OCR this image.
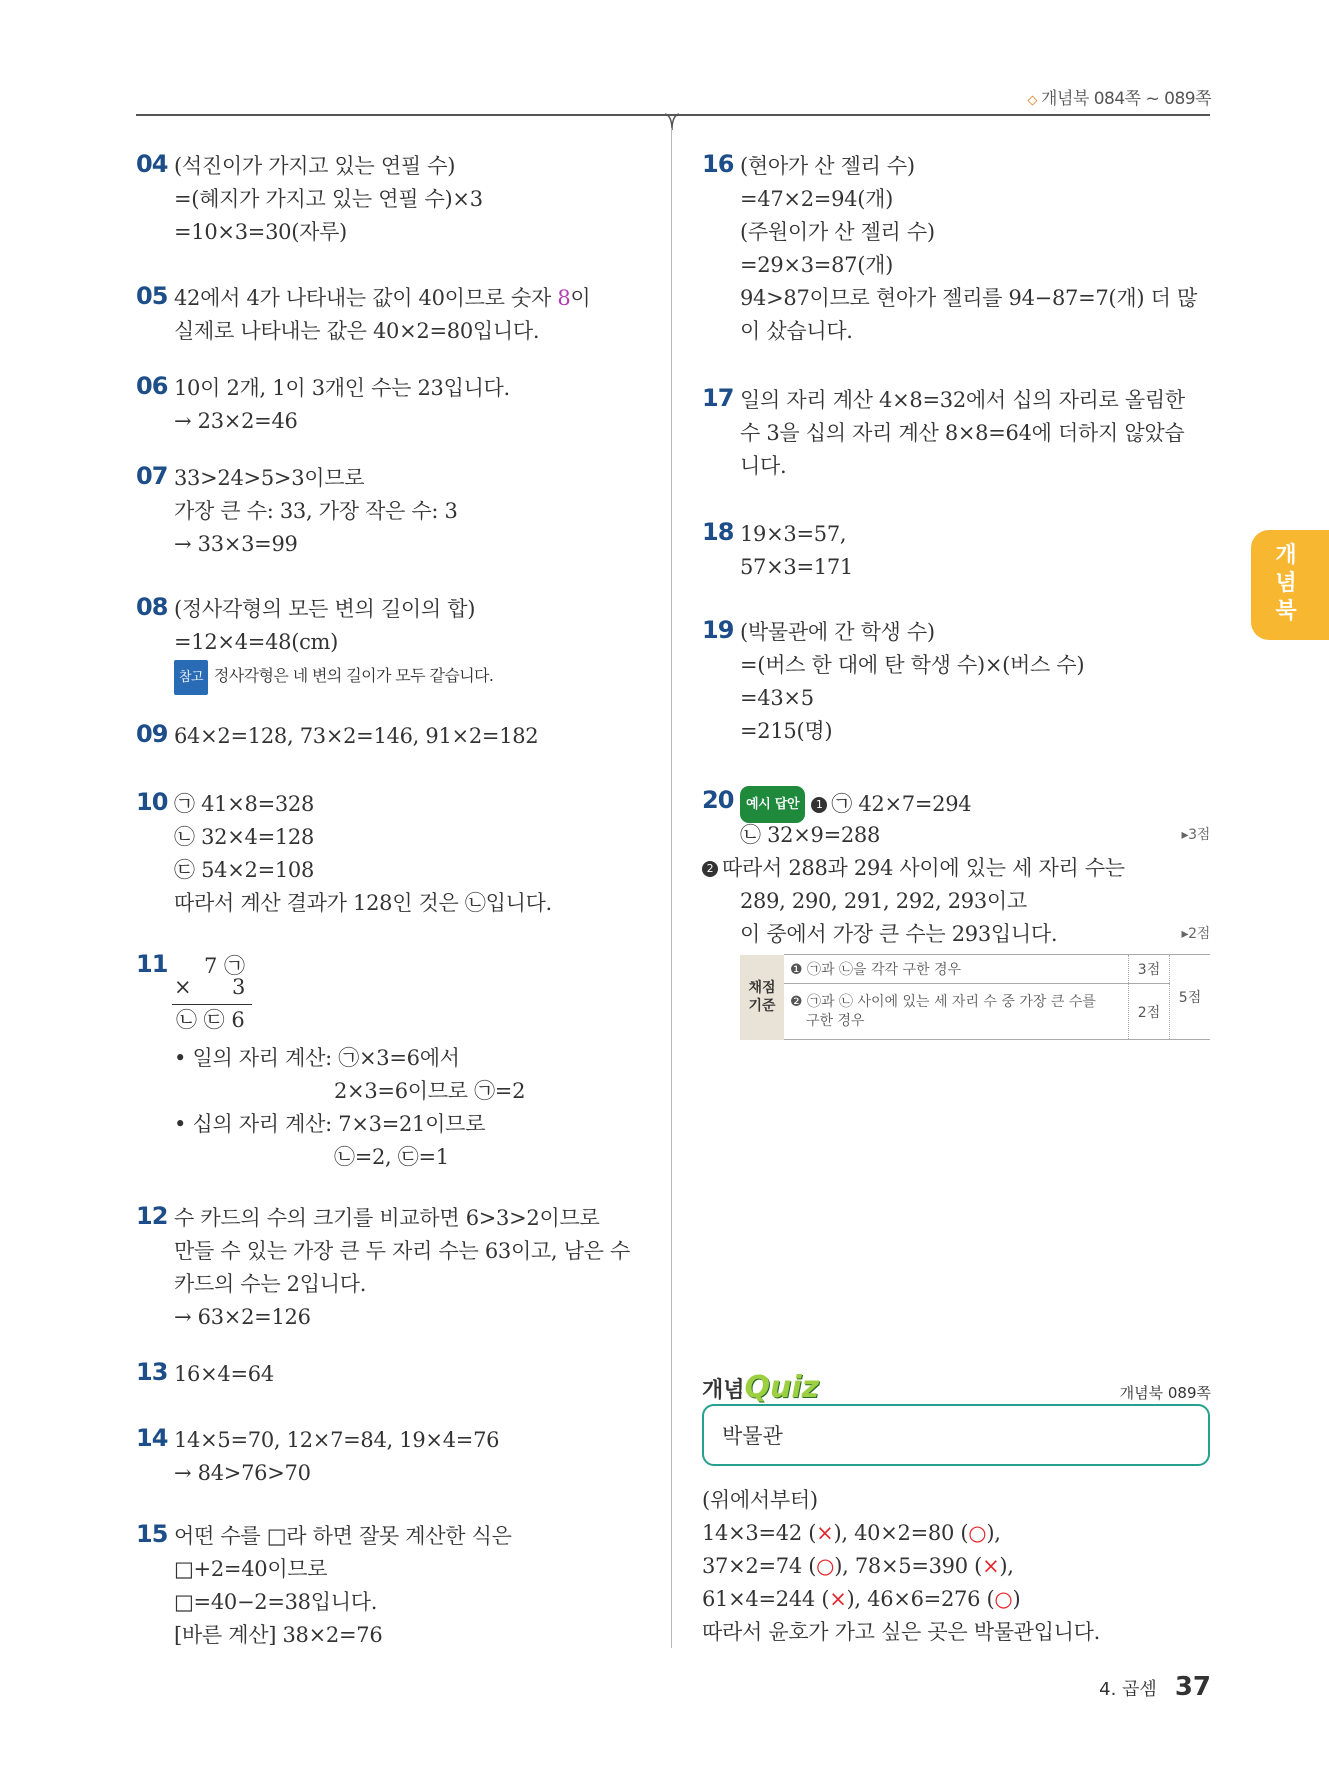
◇ 개념북 084쪽 ~ 089쪽
개념북
04 (석진이가 가지고 있는 연필 수)
=(혜지가 가지고 있는 연필 수)×3
=10×3=30(자루)
05 42에서 4가 나타내는 값이 40이므로 숫자 8이
실제로 나타내는 값은 40×2=80입니다.
06 10이 2개, 1이 3개인 수는 23입니다.
→ 23×2=46
07 33>24>5>3이므로
가장 큰 수: 33, 가장 작은 수: 3
→ 33×3=99
08 (정사각형의 모든 변의 길이의 합)
=12×4=48(cm)
참고 정사각형은 네 변의 길이가 모두 같습니다.
09 64×2=128, 73×2=146, 91×2=182
10 ㉠ 41×8=328
㉡ 32×4=128
㉢ 54×2=108
따라서 계산 결과가 128인 것은 ㉡입니다.
11 7 ㉠
× 3
㉡ ㉢ 6
• 일의 자리 계산: ㉠×3=6에서
2×3=6이므로 ㉠=2
• 십의 자리 계산: 7×3=21이므로
㉡=2, ㉢=1
12 수 카드의 수의 크기를 비교하면 6>3>2이므로
만들 수 있는 가장 큰 두 자리 수는 63이고, 남은 수
카드의 수는 2입니다.
→ 63×2=126
13 16×4=64
14 14×5=70, 12×7=84, 19×4=76
→ 84>76>70
15 어떤 수를 □라 하면 잘못 계산한 식은
□+2=40이므로
□=40−2=38입니다.
[바른 계산] 38×2=76
16 (현아가 산 젤리 수)
=47×2=94(개)
(주원이가 산 젤리 수)
=29×3=87(개)
94>87이므로 현아가 젤리를 94−87=7(개) 더 많
이 샀습니다.
17 일의 자리 계산 4×8=32에서 십의 자리로 올림한
수 3을 십의 자리 계산 8×8=64에 더하지 않았습
니다.
18 19×3=57,
57×3=171
19 (박물관에 간 학생 수)
=(버스 한 대에 탄 학생 수)×(버스 수)
=43×5
=215(명)
20 예시 답안 1 ㉠ 42×7=294
㉡ 32×9=288	▸3점
2 따라서 288과 294 사이에 있는 세 자리 수는
289, 290, 291, 292, 293이고
이 중에서 가장 큰 수는 293입니다.	▸2점
채점
기준	❶ ㉠과 ㉡을 각각 구한 경우	3점	5점
	❷ ㉠과 ㉡ 사이에 있는 세 자리 수 중 가장 큰 수를
구한 경우	2점	
개념Quiz	개념북 089쪽
박물관
(위에서부터)
14×3=42 (×), 40×2=80 (○),
37×2=74 (○), 78×5=390 (×),
61×4=244 (×), 46×6=276 (○)
따라서 윤호가 가고 싶은 곳은 박물관입니다.
4. 곱셈 37
